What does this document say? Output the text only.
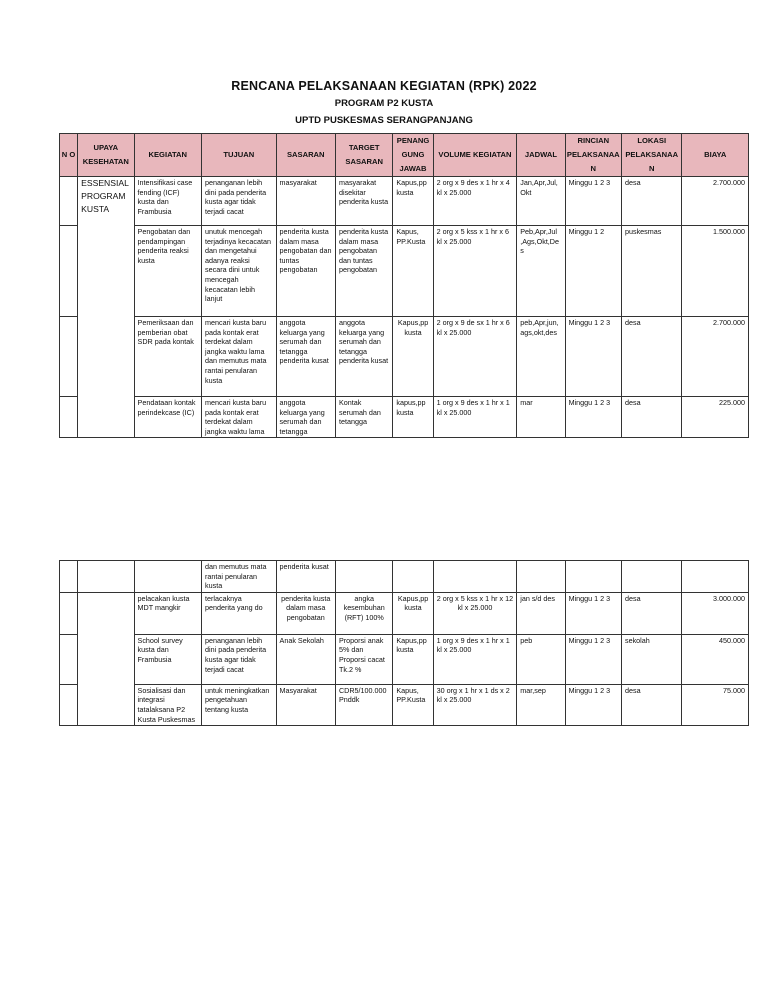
RENCANA PELAKSANAAN KEGIATAN (RPK) 2022
PROGRAM P2 KUSTA
UPTD PUSKESMAS SERANGPANJANG
N O	UPAYA KESEHATAN	KEGIATAN	TUJUAN	SASARAN	TARGET SASARAN	PENANGGUNG JAWAB	VOLUME KEGIATAN	JADWAL	RINCIAN PELAKSANAAN	LOKASI PELAKSANAAN	BIAYA
	ESSENSIAL PROGRAM KUSTA	Intensifikasi case fending (ICF) kusta dan Frambusia	penanganan lebih dini pada penderita kusta agar tidak terjadi cacat	masyarakat	masyarakat disekitar penderita kusta	Kapus,pp kusta	2 org x 9 des x 1 hr x 4 kl x 25.000	Jan,Apr,Jul, Okt	Minggu 1 2 3	desa	2.700.000
		Pengobatan dan pendampingan penderita reaksi kusta	unutuk mencegah terjadinya kecacatan dan mengetahui adanya reaksi secara dini untuk mencegah kecacatan lebih lanjut	penderita kusta dalam masa pengobatan dan tuntas pengobatan	penderita kusta dalam masa pengobatan dan tuntas pengobatan	Kapus, PP.Kusta	2 org x 5 kss x 1 hr x 6 kl x 25.000	Peb,Apr,Jul ,Ags,Okt,Des	Minggu 1 2	puskesmas	1.500.000
		Pemeriksaan dan pemberian obat SDR pada kontak	mencari kusta baru pada kontak erat terdekat dalam jangka waktu lama dan memutus mata rantai penularan kusta	anggota keluarga yang serumah dan tetangga penderita kusat	anggota keluarga yang serumah dan tetangga penderita kusat	Kapus,pp kusta	2 org x 9 de sx 1 hr x 6 kl x 25.000	peb,Apr,jun,ags,okt,des	Minggu 1 2 3	desa	2.700.000
		Pendataan kontak perindekcase (IC)	mencari kusta baru pada kontak erat terdekat dalam jangka waktu lama	anggota keluarga yang serumah dan tetangga	Kontak serumah dan tetangga	kapus,pp kusta	1 org x 9 des x 1 hr x 1 kl x 25.000	mar	Minggu 1 2 3	desa	225.000
			dan memutus mata rantai penularan kusta	penderita kusat							
		pelacakan kusta MDT mangkir	terlacaknya penderita yang do	penderita kusta dalam masa pengobatan	angka kesembuhan (RFT) 100%	Kapus,pp kusta	2 org x 5 kss x 1 hr x 12 kl x 25.000	jan s/d des	Minggu 1 2 3	desa	3.000.000
		School survey kusta dan Frambusia	penanganan lebih dini pada penderita kusta agar tidak terjadi cacat	Anak Sekolah	Proporsi anak 5% dan Proporsi cacat Tk.2 %	Kapus,pp kusta	1 org x 9 des x 1 hr x 1 kl x 25.000	peb	Minggu 1 2 3	sekolah	450.000
		Sosialisasi dan integrasi tatalaksana P2 Kusta Puskesmas	untuk meningkatkan pengetahuan tentang kusta	Masyarakat	CDR5/100.000 Pnddk	Kapus, PP.Kusta	30 org x 1 hr x 1 ds x 2 kl x 25.000	mar,sep	Minggu 1 2 3	desa	75.000
